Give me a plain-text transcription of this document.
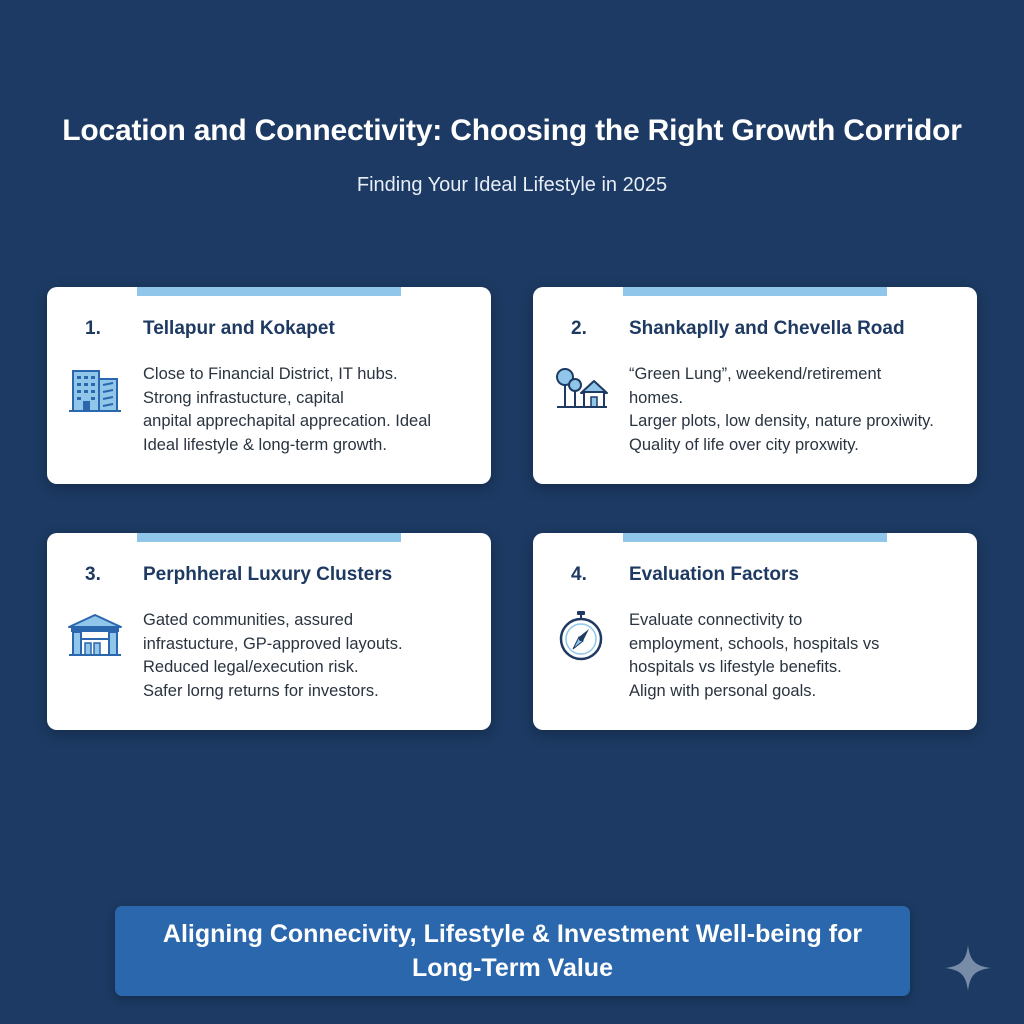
Location and Connectivity: Choosing the Right Growth Corridor
Finding Your Ideal Lifestyle in 2025
1. Tellapur and Kokapet
Close to Financial District, IT hubs.
Strong infrastucture, capital
anpital apprechapital apprecation. Ideal
Ideal lifestyle & long-term growth.
2. Shankaplly and Chevella Road
“Green Lung”, weekend/retirement
homes.
Larger plots, low density, nature proxiwity.
Quality of life over city proxwity.
3. Perphheral Luxury Clusters
Gated communities, assured
infrastucture, GP-approved layouts.
Reduced legal/execution risk.
Safer lorng returns for investors.
4. Evaluation Factors
Evaluate connectivity to
employment, schools, hospitals vs
hospitals vs lifestyle benefits.
Align with personal goals.
Aligning Connecivity, Lifestyle & Investment Well-being for
Long-Term Value
